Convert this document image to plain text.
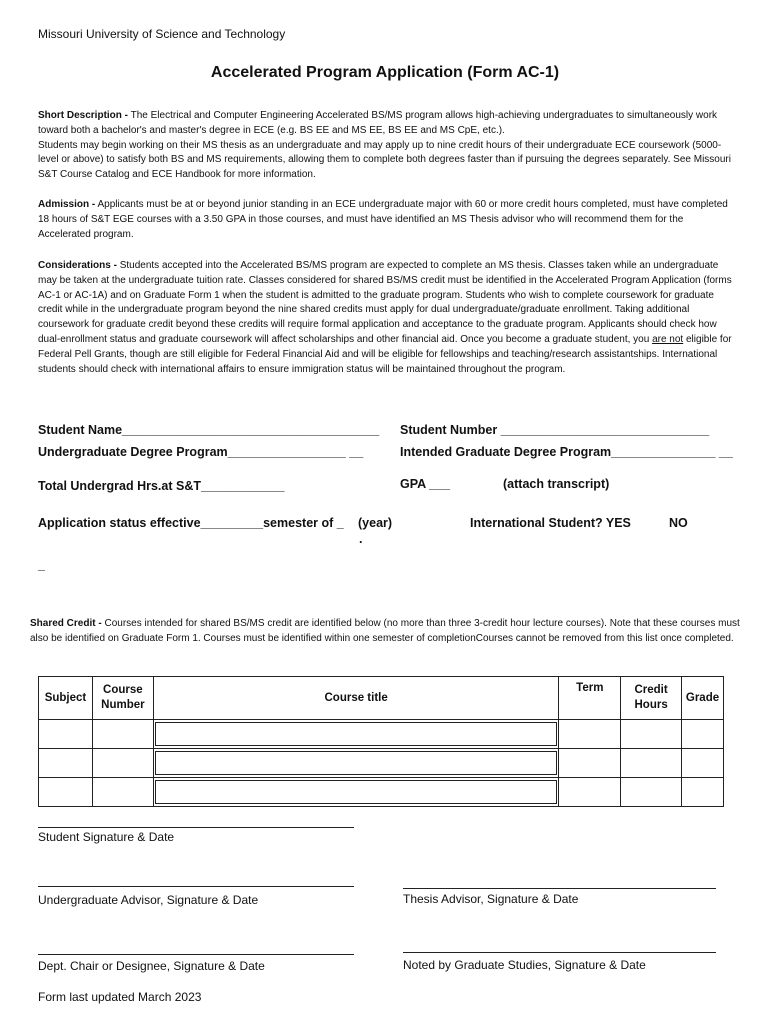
Missouri University of Science and Technology
Accelerated Program Application (Form AC-1)
Short Description - The Electrical and Computer Engineering Accelerated BS/MS program allows high-achieving undergraduates to simultaneously work toward both a bachelor's and master's degree in ECE (e.g. BS EE and MS EE, BS EE and MS CpE, etc.).
Students may begin working on their MS thesis as an undergraduate and may apply up to nine credit hours of their undergraduate ECE coursework (5000-level or above) to satisfy both BS and MS requirements, allowing them to complete both degrees faster than if pursuing the degrees separately. See Missouri S&T Course Catalog and ECE Handbook for more information.
Admission - Applicants must be at or beyond junior standing in an ECE undergraduate major with 60 or more credit hours completed, must have completed 18 hours of S&T EGE courses with a 3.50 GPA in those courses, and must have identified an MS Thesis advisor who will recommend them for the Accelerated program.
Considerations - Students accepted into the Accelerated BS/MS program are expected to complete an MS thesis. Classes taken while an undergraduate may be taken at the undergraduate tuition rate. Classes considered for shared BS/MS credit must be identified in the Accelerated Program Application (forms AC-1 or AC-1A) and on Graduate Form 1 when the student is admitted to the graduate program. Students who wish to complete coursework for graduate credit while in the undergraduate program beyond the nine shared credits must apply for dual undergraduate/graduate enrollment. Taking additional coursework for graduate credit beyond these credits will require formal application and acceptance to the graduate program. Applicants should check how dual-enrollment status and graduate coursework will affect scholarships and other financial aid. Once you become a graduate student, you are not eligible for Federal Pell Grants, though are still eligible for Federal Financial Aid and will be eligible for fellowships and teaching/research assistantships. International students should check with international affairs to ensure immigration status will be maintained throughout the program.
Student Name_____________________________________ Student Number ______________________________
Undergraduate Degree Program_________________ __	Intended Graduate Degree Program_______________ __
Total Undergrad Hrs.at S&T____________	GPA ___	(attach transcript)
Application status effective_________semester of _ (year)
.
International Student? YES	NO
_
Shared Credit - Courses intended for shared BS/MS credit are identified below (no more than three 3-credit hour lecture courses). Note that these courses must also be identified on Graduate Form 1. Courses must be identified within one semester of completionCourses cannot be removed from this list once completed.
Subject	Course Number	Course title	Term	Credit Hours	Grade

Student Signature & Date
Undergraduate Advisor, Signature & Date	Thesis Advisor, Signature & Date
Dept. Chair or Designee, Signature & Date	Noted by Graduate Studies, Signature & Date
Form last updated March 2023
